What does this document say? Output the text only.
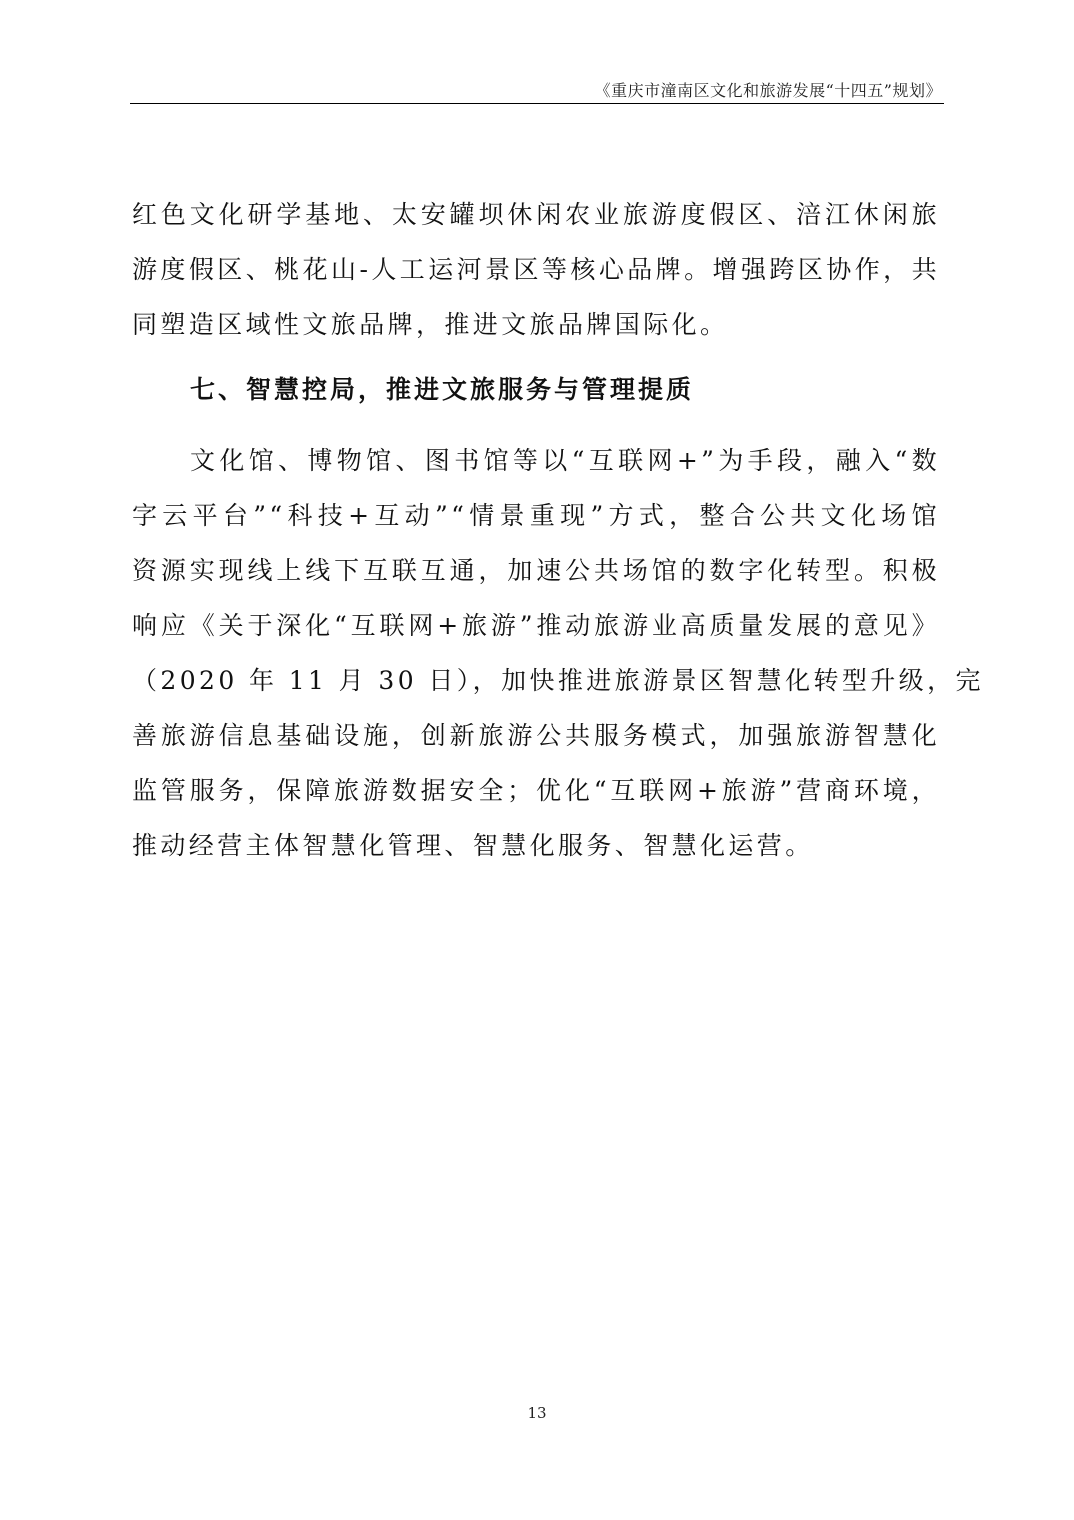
《重庆市潼南区文化和旅游发展“十四五”规划》
红色文化研学基地、太安罐坝休闲农业旅游度假区、涪江休闲旅
游度假区、桃花山-人工运河景区等核心品牌。增强跨区协作，共
同塑造区域性文旅品牌，推进文旅品牌国际化。
七、智慧控局，推进文旅服务与管理提质
文化馆、博物馆、图书馆等以“互联网+”为手段，融入“数
字云平台”“科技+互动”“情景重现”方式，整合公共文化场馆
资源实现线上线下互联互通，加速公共场馆的数字化转型。积极
响应《关于深化“互联网+旅游”推动旅游业高质量发展的意见》
（2020 年 11 月 30 日），加快推进旅游景区智慧化转型升级，完
善旅游信息基础设施，创新旅游公共服务模式，加强旅游智慧化
监管服务，保障旅游数据安全；优化“互联网+旅游”营商环境，
推动经营主体智慧化管理、智慧化服务、智慧化运营。
13
